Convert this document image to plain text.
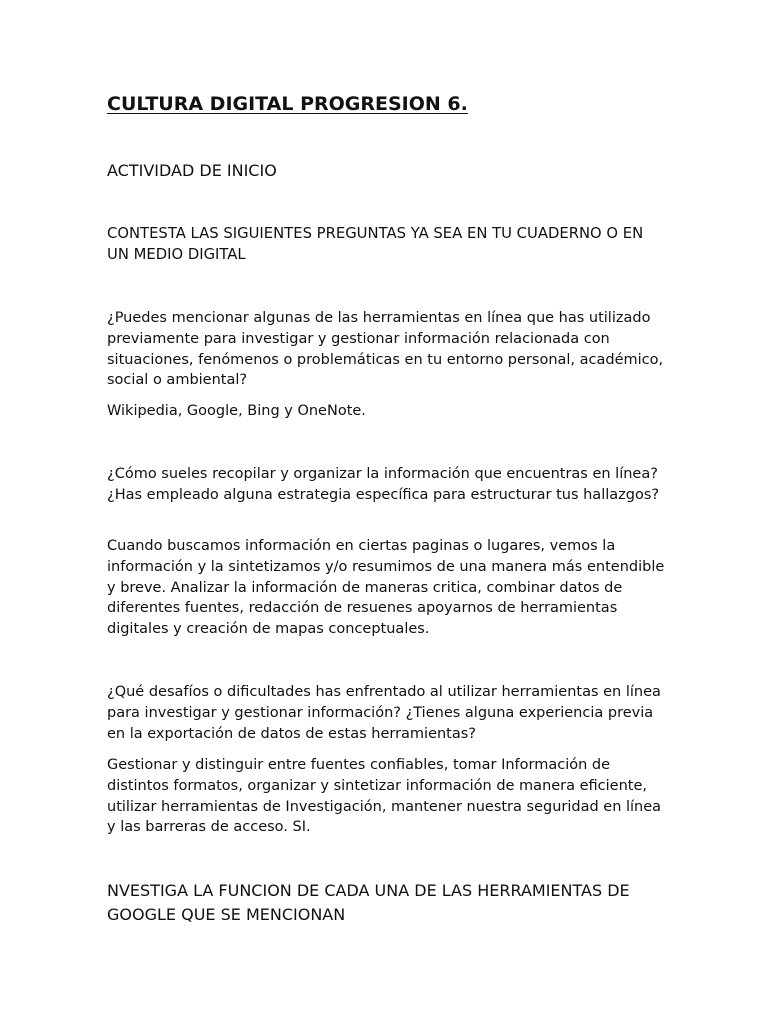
CULTURA DIGITAL PROGRESION 6.

ACTIVIDAD DE INICIO

CONTESTA LAS SIGUIENTES PREGUNTAS YA SEA EN TU CUADERNO O EN UN MEDIO DIGITAL

¿Puedes mencionar algunas de las herramientas en línea que has utilizado previamente para investigar y gestionar información relacionada con situaciones, fenómenos o problemáticas en tu entorno personal, académico, social o ambiental?

Wikipedia, Google, Bing y OneNote.

¿Cómo sueles recopilar y organizar la información que encuentras en línea? ¿Has empleado alguna estrategia específica para estructurar tus hallazgos?

Cuando buscamos información en ciertas paginas o lugares, vemos la información y la sintetizamos y/o resumimos de una manera más entendible y breve. Analizar la información de maneras critica, combinar datos de diferentes fuentes, redacción de resuenes apoyarnos de herramientas digitales y creación de mapas conceptuales.

¿Qué desafíos o dificultades has enfrentado al utilizar herramientas en línea para investigar y gestionar información? ¿Tienes alguna experiencia previa en la exportación de datos de estas herramientas?

Gestionar y distinguir entre fuentes confiables, tomar Información de distintos formatos, organizar y sintetizar información de manera eficiente, utilizar herramientas de Investigación, mantener nuestra seguridad en línea y las barreras de acceso. SI.

NVESTIGA LA FUNCION DE CADA UNA DE LAS HERRAMIENTAS DE GOOGLE QUE SE MENCIONAN
